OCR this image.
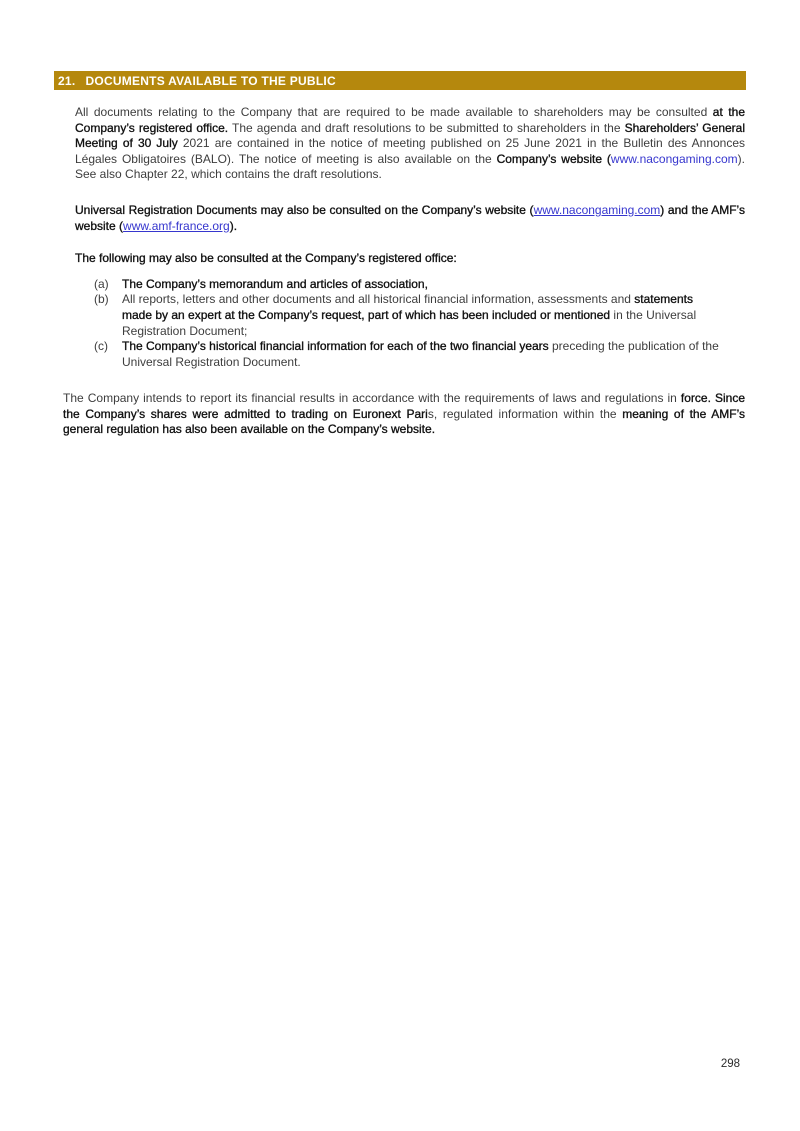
21. DOCUMENTS AVAILABLE TO THE PUBLIC

All documents relating to the Company that are required to be made available to shareholders may be consulted at the Company’s registered office. The agenda and draft resolutions to be submitted to shareholders in the Shareholders’ General Meeting of 30 July 2021 are contained in the notice of meeting published on 25 June 2021 in the Bulletin des Annonces Légales Obligatoires (BALO). The notice of meeting is also available on the Company’s website (www.nacongaming.com). See also Chapter 22, which contains the draft resolutions.

Universal Registration Documents may also be consulted on the Company’s website (www.nacongaming.com) and the AMF’s website (www.amf-france.org).

The following may also be consulted at the Company’s registered office:

(a)	The Company’s memorandum and articles of association,
(b)	All reports, letters and other documents and all historical financial information, assessments and statements made by an expert at the Company’s request, part of which has been included or mentioned in the Universal Registration Document;
(c)	The Company’s historical financial information for each of the two financial years preceding the publication of the Universal Registration Document.

The Company intends to report its financial results in accordance with the requirements of laws and regulations in force. Since the Company’s shares were admitted to trading on Euronext Paris, regulated information within the meaning of the AMF’s general regulation has also been available on the Company’s website.

298
